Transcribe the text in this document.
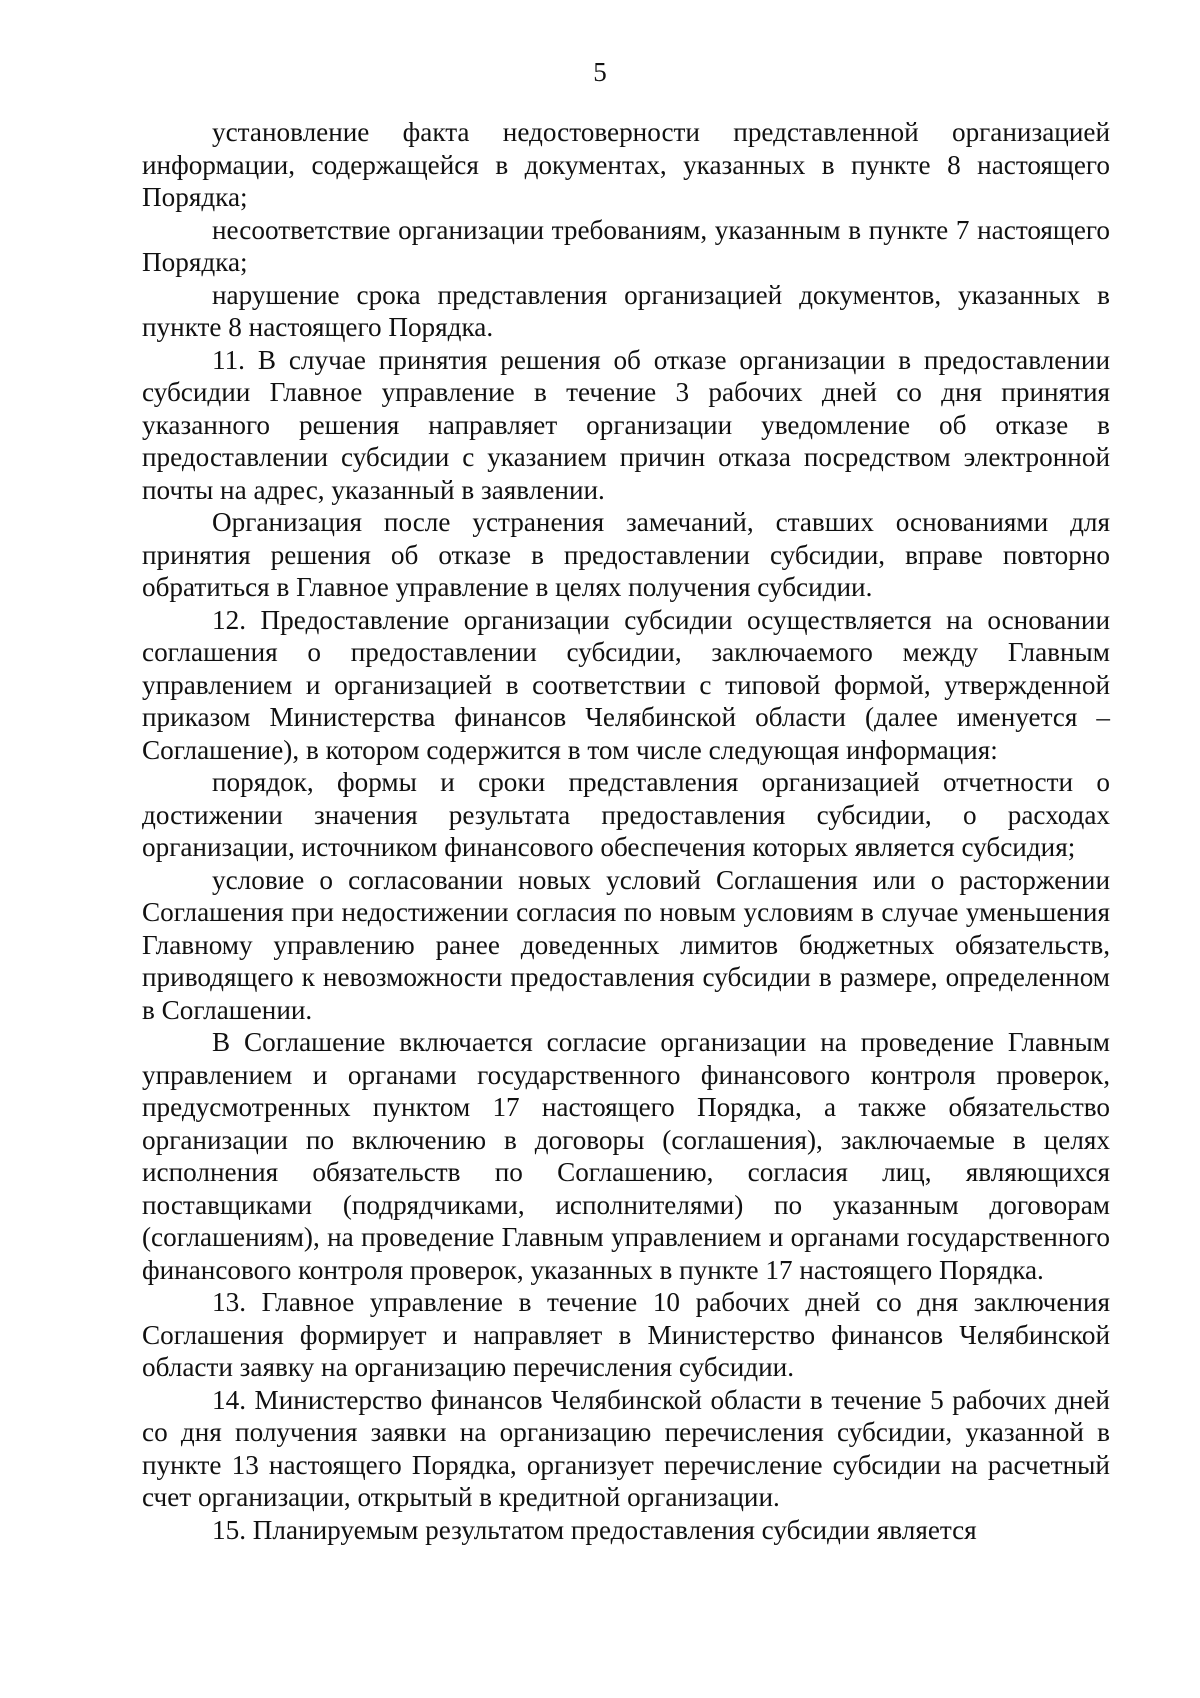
5

установление факта недостоверности представленной организацией информации, содержащейся в документах, указанных в пункте 8 настоящего Порядка;

несоответствие организации требованиям, указанным в пункте 7 настоящего Порядка;

нарушение срока представления организацией документов, указанных в пункте 8 настоящего Порядка.

11. В случае принятия решения об отказе организации в предоставлении субсидии Главное управление в течение 3 рабочих дней со дня принятия указанного решения направляет организации уведомление об отказе в предоставлении субсидии с указанием причин отказа посредством электронной почты на адрес, указанный в заявлении.

Организация после устранения замечаний, ставших основаниями для принятия решения об отказе в предоставлении субсидии, вправе повторно обратиться в Главное управление в целях получения субсидии.

12. Предоставление организации субсидии осуществляется на основании соглашения о предоставлении субсидии, заключаемого между Главным управлением и организацией в соответствии с типовой формой, утвержденной приказом Министерства финансов Челябинской области (далее именуется – Соглашение), в котором содержится в том числе следующая информация:

порядок, формы и сроки представления организацией отчетности о достижении значения результата предоставления субсидии, о расходах организации, источником финансового обеспечения которых является субсидия;

условие о согласовании новых условий Соглашения или о расторжении Соглашения при недостижении согласия по новым условиям в случае уменьшения Главному управлению ранее доведенных лимитов бюджетных обязательств, приводящего к невозможности предоставления субсидии в размере, определенном в Соглашении.

В Соглашение включается согласие организации на проведение Главным управлением и органами государственного финансового контроля проверок, предусмотренных пунктом 17 настоящего Порядка, а также обязательство организации по включению в договоры (соглашения), заключаемые в целях исполнения обязательств по Соглашению, согласия лиц, являющихся поставщиками (подрядчиками, исполнителями) по указанным договорам (соглашениям), на проведение Главным управлением и органами государственного финансового контроля проверок, указанных в пункте 17 настоящего Порядка.

13. Главное управление в течение 10 рабочих дней со дня заключения Соглашения формирует и направляет в Министерство финансов Челябинской области заявку на организацию перечисления субсидии.

14. Министерство финансов Челябинской области в течение 5 рабочих дней со дня получения заявки на организацию перечисления субсидии, указанной в пункте 13 настоящего Порядка, организует перечисление субсидии на расчетный счет организации, открытый в кредитной организации.

15. Планируемым результатом предоставления субсидии является
